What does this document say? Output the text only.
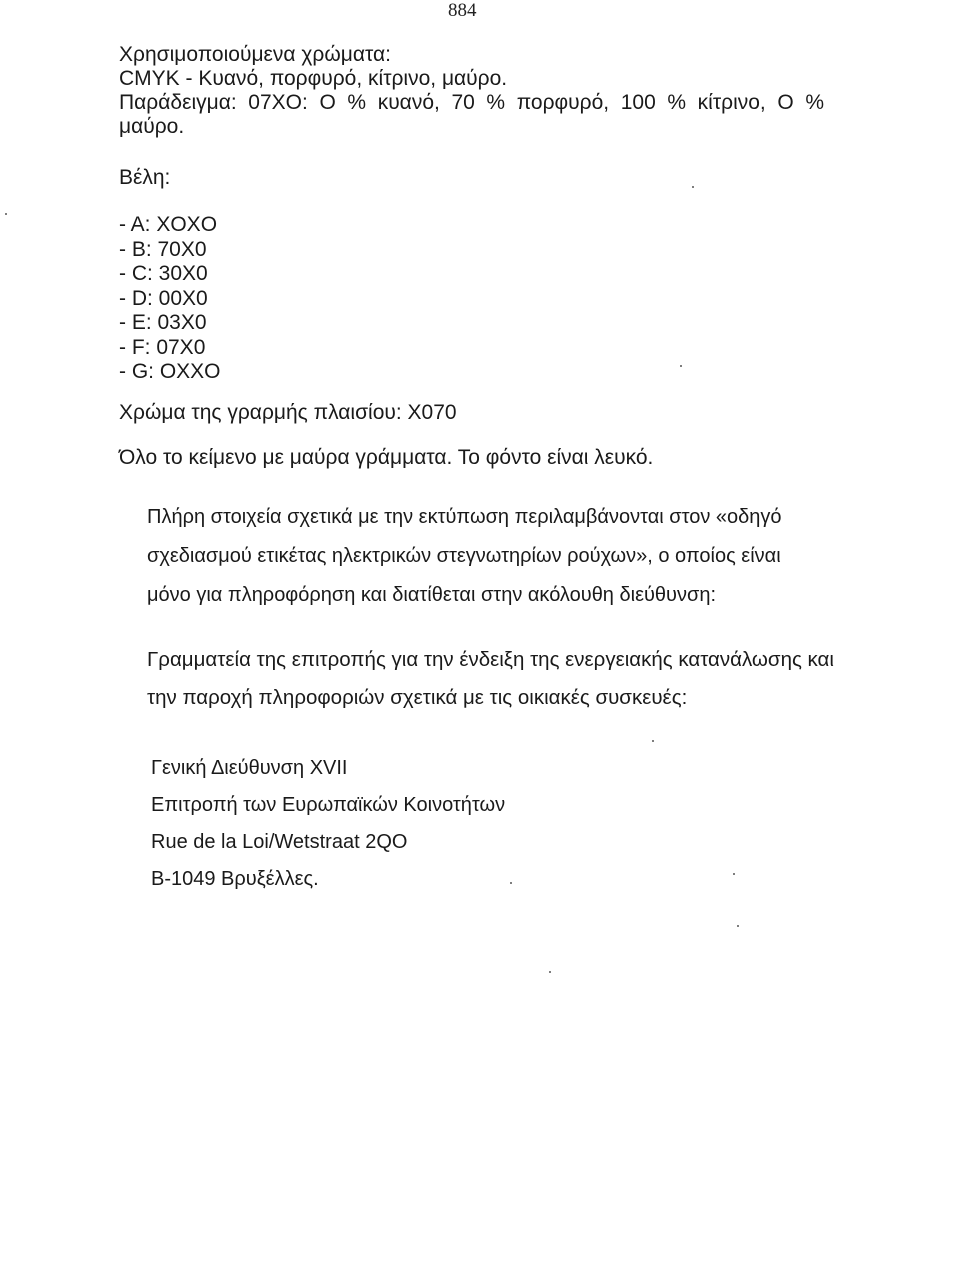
884
Χρησιμοποιούμενα χρώματα:
CMYK - Κυανό, πορφυρό, κίτρινο, μαύρο.
Παράδειγμα: 07ΧΟ: Ο % κυανό, 70 % πορφυρό, 100 % κίτρινο, Ο % μαύρο.
Βέλη:
- A: XOXO
- B: 70X0
- C: 30X0
- D: 00X0
- E: 03X0
- F: 07X0
- G: OXXO
Χρώμα της γραρμής πλαισίου: X070
Όλο το κείμενο με μαύρα γράμματα. Το φόντο είναι λευκό.
Πλήρη στοιχεία σχετικά με την εκτύπωση περιλαμβάνονται στον «οδηγό σχεδιασμού ετικέτας ηλεκτρικών στεγνωτηρίων ρούχων», ο οποίος είναι μόνο για πληροφόρηση και διατίθεται στην ακόλουθη διεύθυνση:
Γραμματεία της επιτροπής για την ένδειξη της ενεργειακής κατανάλωσης και την παροχή πληροφοριών σχετικά με τις οικιακές συσκευές:
Γενική Διεύθυνση XVII
Επιτροπή των Ευρωπαϊκών Κοινοτήτων
Rue de la Loi/Wetstraat 2QO
B-1049 Βρυξέλλες.
